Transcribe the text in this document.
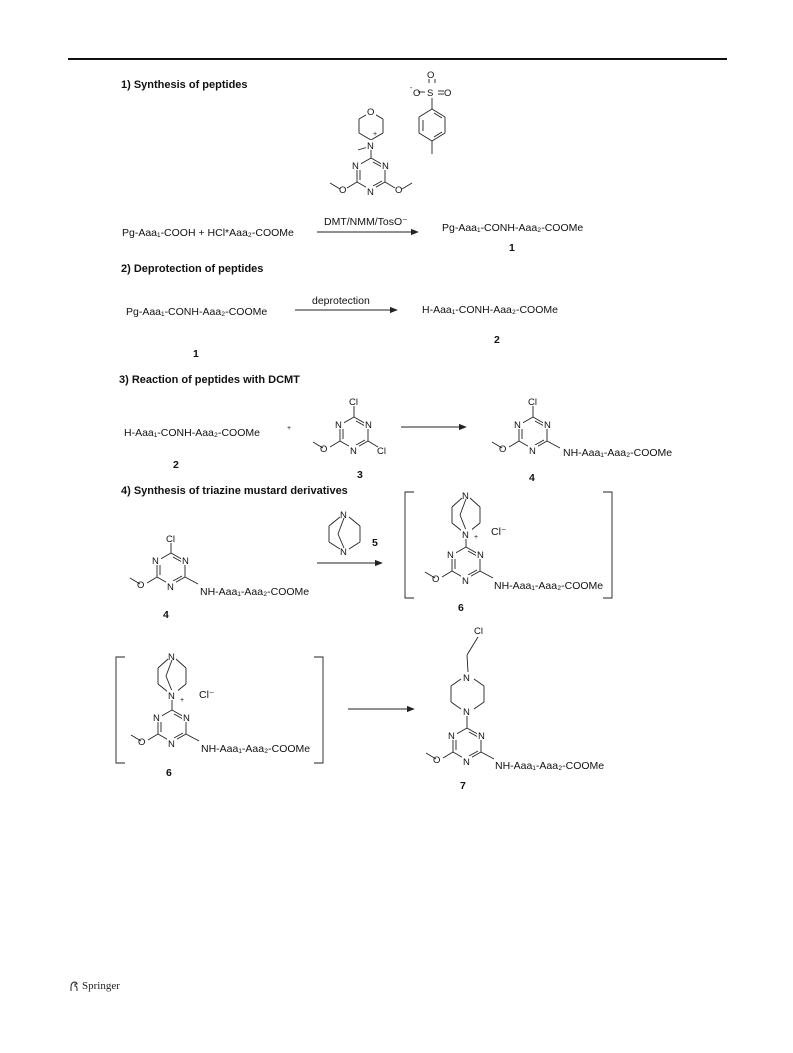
1) Synthesis of peptides
O
N
+
N N
N
O	O
- O S O
O
Pg-Aaa₁-COOH + HCl*Aaa₂-COOMe
DMT/NMM/TosO⁻	Pg-Aaa₁-CONH-Aaa₂-COOMe
1
2) Deprotection of peptides
Pg-Aaa₁-CONH-Aaa₂-COOMe
deprotection
H-Aaa₁-CONH-Aaa₂-COOMe
1
2
3) Reaction of peptides with DCMT
H-Aaa₁-CONH-Aaa₂-COOMe	+
2
Cl
N N
N Cl
O
3
Cl
N N
N
O	NH-Aaa₁-Aaa₂-COOMe
4
4) Synthesis of triazine mustard derivatives
Cl
N N
N
O
NH-Aaa₁-Aaa₂-COOMe
4
N
N
5
N
N +
N N
N
O
Cl⁻
NH-Aaa₁-Aaa₂-COOMe
6
N
N +
N N
N
O
Cl⁻
NH-Aaa₁-Aaa₂-COOMe
6
Cl
N
N
N N
N
O	NH-Aaa₁-Aaa₂-COOMe
7
Springer
